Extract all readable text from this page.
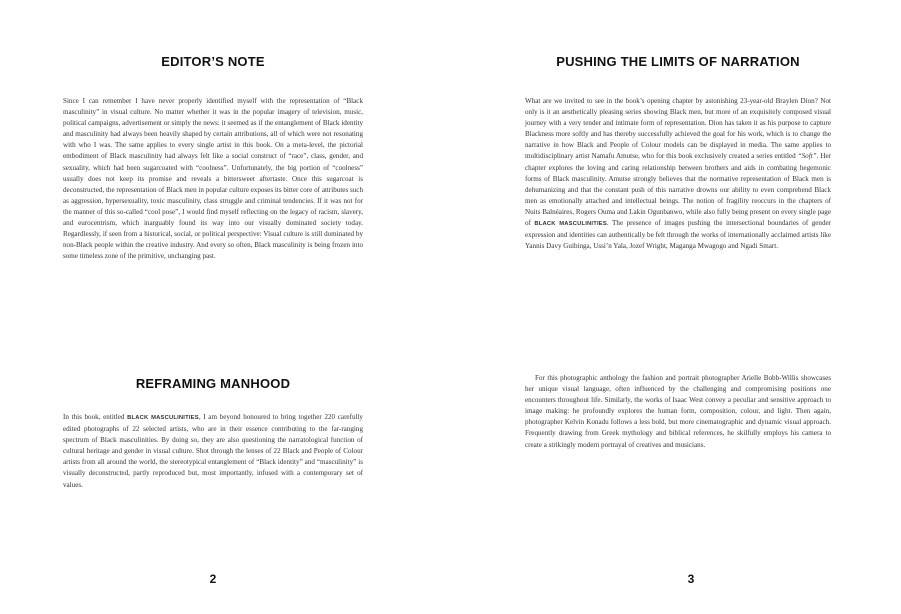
EDITOR’S NOTE

Since I can remember I have never properly identified myself with the representation of “Black masculinity” in visual culture. No matter whether it was in the popular imagery of television, music, political campaigns, advertisement or simply the news: it seemed as if the entanglement of Black identity and masculinity had always been heavily shaped by certain attributions, all of which were not resonating with who I was. The same applies to every single artist in this book. On a meta-level, the pictorial embodiment of Black masculinity had always felt like a social construct of “race”, class, gender, and sexuality, which had been sugarcoated with “coolness”. Unfortunately, the big portion of “coolness” usually does not keep its promise and reveals a bittersweet aftertaste. Once this sugarcoat is deconstructed, the representation of Black men in popular culture exposes its bitter core of attributes such as aggression, hypersexuality, toxic masculinity, class struggle and criminal tendencies. If it was not for the manner of this so-called “cool pose”, I would find myself reflecting on the legacy of racism, slavery, and eurocentrism, which inarguably found its way into our visually dominated society today. Regardlessly, if seen from a historical, social, or political perspective: Visual culture is still dominated by non-Black people within the creative industry. And every so often, Black masculinity is being frozen into some timeless zone of the primitive, unchanging past.

REFRAMING MANHOOD

In this book, entitled BLACK MASCULINITIES, I am beyond honoured to bring together 220 carefully edited photographs of 22 selected artists, who are in their essence contributing to the far-ranging spectrum of Black masculinities. By doing so, they are also questioning the narratological function of cultural heritage and gender in visual culture. Shot through the lenses of 22 Black and People of Colour artists from all around the world, the stereotypical entanglement of “Black identity” and “masculinity” is visually deconstructed, partly reproduced but, most importantly, infused with a contemporary set of values.

2
PUSHING THE LIMITS OF NARRATION

What are we invited to see in the book’s opening chapter by astonishing 23-year-old Braylen Dion? Not only is it an aesthetically pleasing series showing Black men, but more of an exquisitely composed visual journey with a very tender and intimate form of representation. Dion has taken it as his purpose to capture Blackness more softly and has thereby successfully achieved the goal for his work, which is to change the narrative in how Black and People of Colour models can be displayed in media. The same applies to multidisciplinary artist Namafu Amutse, who for this book exclusively created a series entitled “Soft”. Her chapter explores the loving and caring relationship between brothers and aids in combating hegemonic forms of Black masculinity. Amutse strongly believes that the normative representation of Black men is dehumanizing and that the constant push of this narrative drowns our ability to even comprehend Black men as emotionally attached and intellectual beings. The notion of fragility reoccurs in the chapters of Nuits Balnéaires, Rogers Ouma and Lakin Ogunbanwo, while also fully being present on every single page of BLACK MASCULINITIES. The presence of images pushing the intersectional boundaries of gender expression and identities can authentically be felt through the works of internationally acclaimed artists like Yannis Davy Guibinga, Ussi’n Yala, Jozef Wright, Maganga Mwagogo and Ngadi Smart.

For this photographic anthology the fashion and portrait photographer Arielle Bobb-Willis showcases her unique visual language, often influenced by the challenging and compromising positions one encounters throughout life. Similarly, the works of Isaac West convey a peculiar and sensitive approach to image making: he profoundly explores the human form, composition, colour, and light. Then again, photographer Kelvin Konadu follows a less bold, but more cinematographic and dynamic visual approach. Frequently drawing from Greek mythology and biblical references, he skilfully employs his camera to create a strikingly modern portrayal of creatives and musicians.

3
